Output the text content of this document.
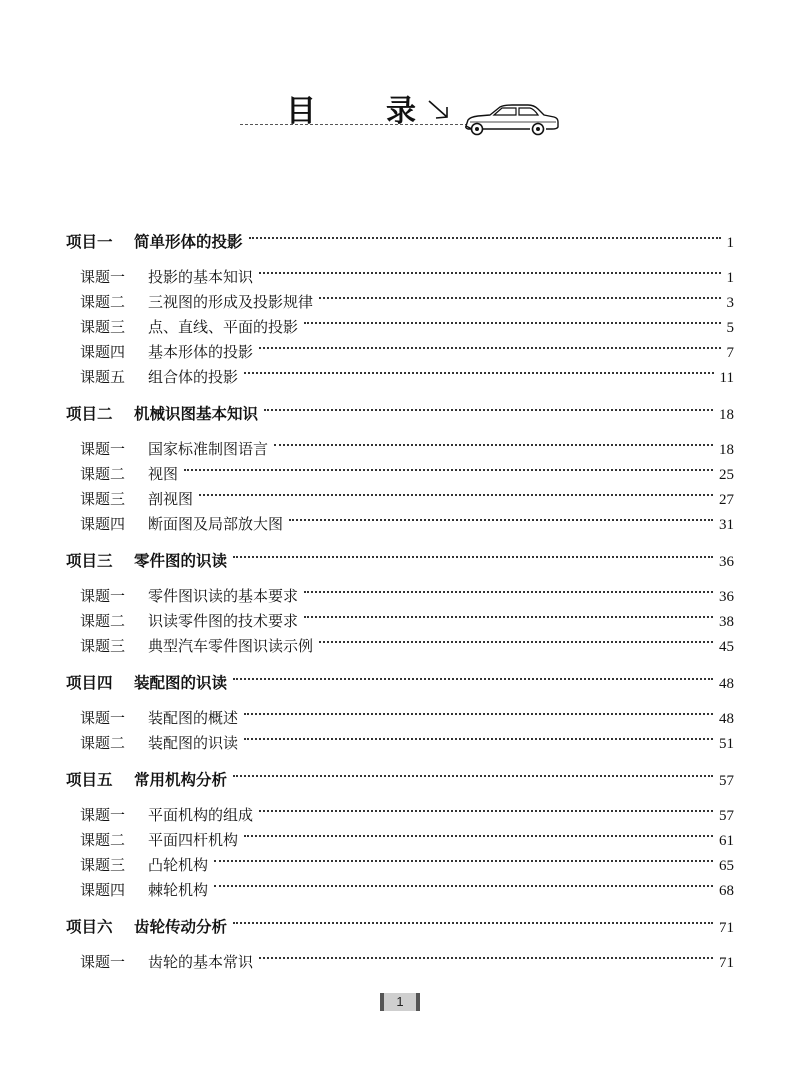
目 录
项目一	简单形体的投影	1
课题一	投影的基本知识	1
课题二	三视图的形成及投影规律	3
课题三	点、直线、平面的投影	5
课题四	基本形体的投影	7
课题五	组合体的投影	11
项目二	机械识图基本知识	18
课题一	国家标准制图语言	18
课题二	视图	25
课题三	剖视图	27
课题四	断面图及局部放大图	31
项目三	零件图的识读	36
课题一	零件图识读的基本要求	36
课题二	识读零件图的技术要求	38
课题三	典型汽车零件图识读示例	45
项目四	装配图的识读	48
课题一	装配图的概述	48
课题二	装配图的识读	51
项目五	常用机构分析	57
课题一	平面机构的组成	57
课题二	平面四杆机构	61
课题三	凸轮机构	65
课题四	棘轮机构	68
项目六	齿轮传动分析	71
课题一	齿轮的基本常识	71
1
